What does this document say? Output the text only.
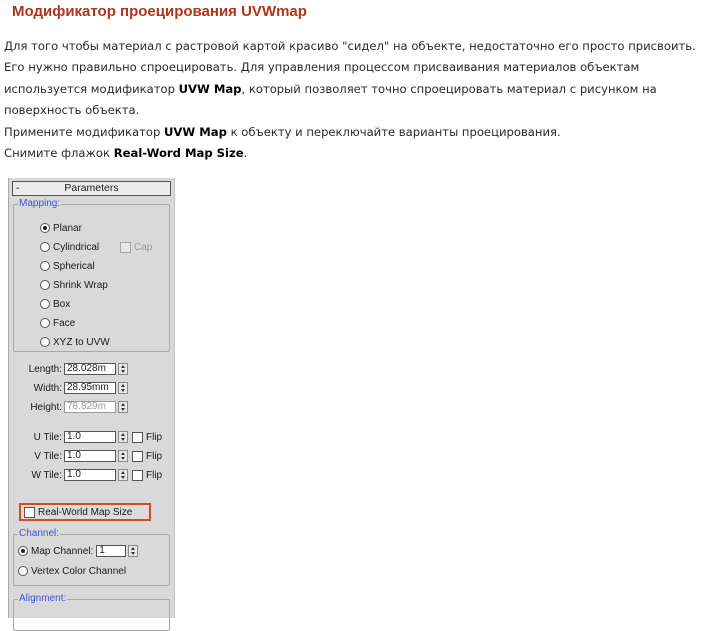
Модификатор проецирования UVWmap

Для того чтобы материал с растровой картой красиво "сидел" на объекте, недостаточно его просто присвоить. Его нужно правильно спроецировать. Для управления процессом присваивания материалов объектам используется модификатор UVW Map, который позволяет точно спроецировать материал с рисунком на поверхность объекта.

Примените модификатор UVW Map к объекту и переключайте варианты проецирования.

Снимите флажок Real-Word Map Size.

-	Parameters
Mapping:
Planar
Cylindrical	Cap
Spherical
Shrink Wrap
Box
Face
XYZ to UVW
Length: 28.028m
Width: 28.95mm
Height: 78.829m
U Tile: 1.0	Flip
V Tile: 1.0	Flip
W Tile: 1.0	Flip
Real-World Map Size
Channel:
Map Channel: 1
Vertex Color Channel
Alignment:
